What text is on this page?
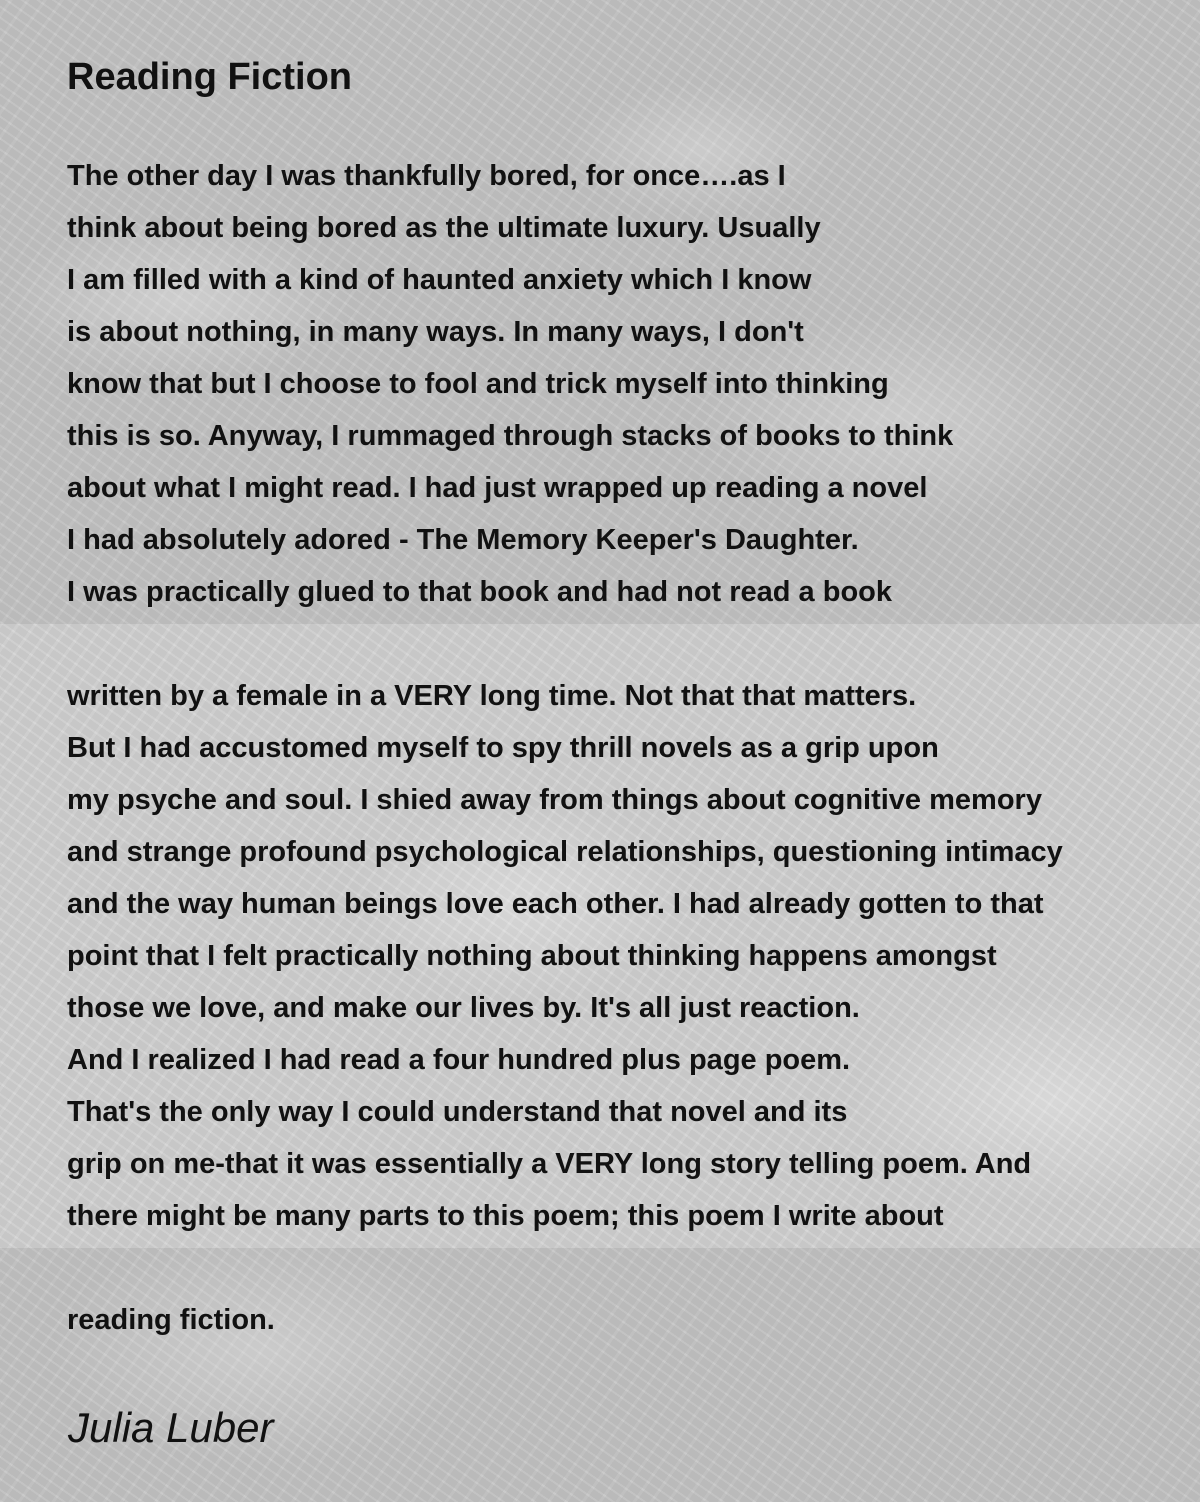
Reading Fiction
The other day I was thankfully bored, for once….as I
think about being bored as the ultimate luxury. Usually
I am filled with a kind of haunted anxiety which I know
is about nothing, in many ways. In many ways, I don't
know that but I choose to fool and trick myself into thinking
this is so. Anyway, I rummaged through stacks of books to think
about what I might read. I had just wrapped up reading a novel
I had absolutely adored - The Memory Keeper's Daughter.
I was practically glued to that book and had not read a book
written by a female in a VERY long time. Not that that matters.
But I had accustomed myself to spy thrill novels as a grip upon
my psyche and soul. I shied away from things about cognitive memory
and strange profound psychological relationships, questioning intimacy
and the way human beings love each other. I had already gotten to that
point that I felt practically nothing about thinking happens amongst
those we love, and make our lives by. It's all just reaction.
And I realized I had read a four hundred plus page poem.
That's the only way I could understand that novel and its
grip on me-that it was essentially a VERY long story telling poem. And
there might be many parts to this poem; this poem I write about
reading fiction.

Julia Luber
